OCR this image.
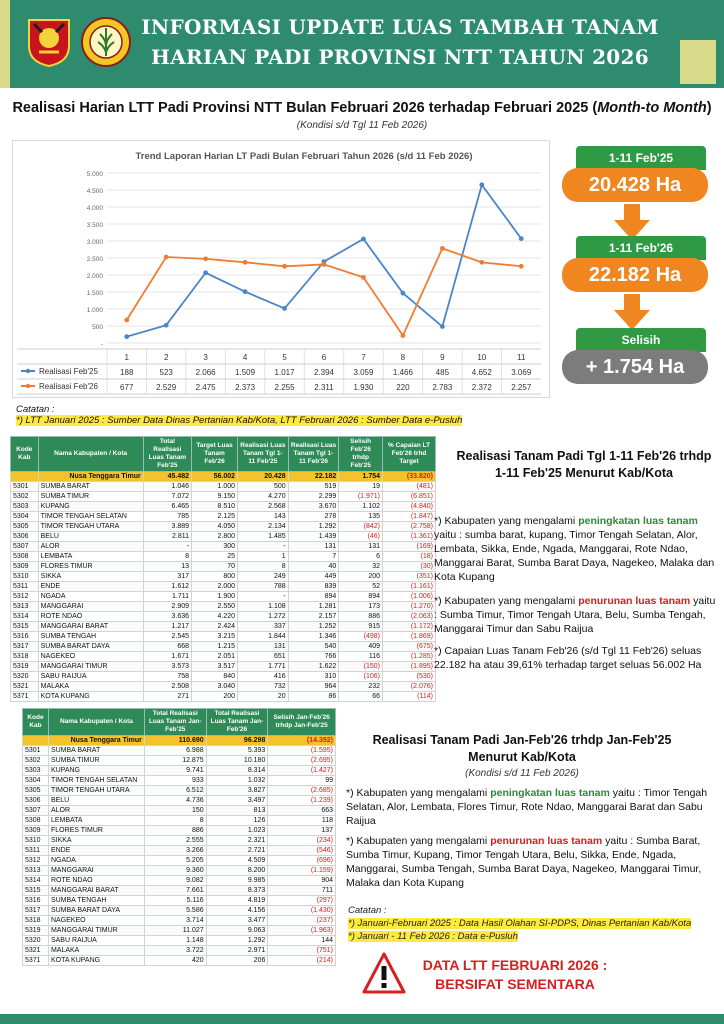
INFORMASI UPDATE LUAS TAMBAH TANAM
HARIAN PADI PROVINSI NTT TAHUN 2026
Realisasi Harian LTT Padi Provinsi NTT Bulan Februari 2026 terhadap Februari 2025 (Month-to Month)
(Kondisi s/d Tgl 11 Feb 2026)
Trend Laporan Harian LT Padi Bulan Februari Tahun 2026 (s/d 11 Feb 2026)
-
500
1.000
1.500
2.000
2.500
3.000
3.500
4.000
4.500
5.000
1	2	3	4	5	6	7	8	9	10	11
Realisasi Feb'25	188	523	2.066 1.509 1.017 2.394 3.059 1.466	485	4.652 3.069
Realisasi Feb'26	677	2.529 2.475 2.373 2.255 2.311 1.930	220	2.783 2.372 2.257
1-11 Feb'25
20.428 Ha
1-11 Feb'26
22.182 Ha
Selisih
+ 1.754 Ha
Catatan :
*) LTT Januari 2025 : Sumber Data Dinas Pertanian Kab/Kota, LTT Februari 2026 : Sumber Data e-Pusluh
Kode Kab	Nama Kabupaten / Kota	Total Realisasi Luas Tanam Feb'25	Target Luas Tanam Feb'26	Realisasi Luas Tanam Tgl 1-11 Feb'25	Realisasi Luas Tanam Tgl 1-11 Feb'26	Selisih Feb'26 trhdp Feb'25	% Capaian LT Feb'26 trhd Target
	Nusa Tenggara Timur	45.482	56.002	20.428	22.182	1.754	(33.820)
5301	SUMBA BARAT	1.046	1.000	500	519	19	(481)
5302	SUMBA TIMUR	7.072	9.150	4.270	2.299	(1.971)	(6.851)
5303	KUPANG	6.465	8.510	2.568	3.670	1.102	(4.840)
5304	TIMOR TENGAH SELATAN	785	2.125	143	278	135	(1.847)
5305	TIMOR TENGAH UTARA	3.889	4.050	2.134	1.292	(842)	(2.758)
5306	BELU	2.811	2.800	1.485	1.439	(46)	(1.361)
5307	ALOR	-	300	-	131	131	(169)
5308	LEMBATA	8	25	1	7	6	(18)
5309	FLORES TIMUR	13	70	8	40	32	(30)
5310	SIKKA	317	800	249	449	200	(351)
5311	ENDE	1.612	2.000	788	839	52	(1.161)
5312	NGADA	1.711	1.900	-	894	894	(1.006)
5313	MANGGARAI	2.909	2.550	1.108	1.281	173	(1.270)
5314	ROTE NDAO	3.636	4.220	1.272	2.157	886	(2.063)
5315	MANGGARAI BARAT	1.217	2.424	337	1.252	915	(1.172)
5316	SUMBA TENGAH	2.545	3.215	1.844	1.346	(498)	(1.869)
5317	SUMBA BARAT DAYA	668	1.215	131	540	409	(675)
5318	NAGEKEO	1.671	2.051	651	766	116	(1.285)
5319	MANGGARAI TIMUR	3.573	3.517	1.771	1.622	(150)	(1.895)
5320	SABU RAIJUA	758	840	416	310	(106)	(530)
5321	MALAKA	2.508	3.040	732	964	232	(2.076)
5371	KOTA KUPANG	271	200	20	86	66	(114)
Kode Kab	Nama Kabupaten / Kota	Total Realisasi Luas Tanam Jan-Feb'25	Total Realisasi Luas Tanam Jan-Feb'26	Selisih Jan-Feb'26 trhdp Jan-Feb'25
	Nusa Tenggara Timur	110.690	96.298	(14.392)
5301	SUMBA BARAT	6.988	5.393	(1.595)
5302	SUMBA TIMUR	12.875	10.180	(2.695)
5303	KUPANG	9.741	8.314	(1.427)
5304	TIMOR TENGAH SELATAN	933	1.032	99
5305	TIMOR TENGAH UTARA	6.512	3.827	(2.685)
5306	BELU	4.736	3.497	(1.239)
5307	ALOR	150	813	663
5308	LEMBATA	8	126	118
5309	FLORES TIMUR	886	1.023	137
5310	SIKKA	2.555	2.321	(234)
5311	ENDE	3.266	2.721	(546)
5312	NGADA	5.205	4.509	(696)
5313	MANGGARAI	9.360	8.200	(1.159)
5314	ROTE NDAO	9.082	9.985	904
5315	MANGGARAI BARAT	7.661	8.373	711
5316	SUMBA TENGAH	5.116	4.819	(297)
5317	SUMBA BARAT DAYA	5.586	4.156	(1.430)
5318	NAGEKEO	3.714	3.477	(237)
5319	MANGGARAI TIMUR	11.027	9.063	(1.963)
5320	SABU RAIJUA	1.148	1.292	144
5321	MALAKA	3.722	2.971	(751)
5371	KOTA KUPANG	420	206	(214)
Realisasi Tanam Padi Tgl 1-11 Feb'26 trhdp 1-11 Feb'25 Menurut Kab/Kota
*) Kabupaten yang mengalami peningkatan luas tanam yaitu : sumba barat, kupang, Timor Tengah Selatan, Alor, Lembata, Sikka, Ende, Ngada, Manggarai, Rote Ndao, Manggarai Barat, Sumba Barat Daya, Nagekeo, Malaka dan Kota Kupang
*) Kabupaten yang mengalami penurunan luas tanam yaitu : Sumba Timur, Timor Tengah Utara, Belu, Sumba Tengah, Manggarai Timur dan Sabu Raijua
*) Capaian Luas Tanam Feb'26 (s/d Tgl 11 Feb'26) seluas 22.182 ha atau 39,61% terhadap target seluas 56.002 Ha
Realisasi Tanam Padi Jan-Feb'26 trhdp Jan-Feb'25 Menurut Kab/Kota
(Kondisi s/d 11 Feb 2026)
*) Kabupaten yang mengalami peningkatan luas tanam yaitu : Timor Tengah Selatan, Alor, Lembata, Flores Timur, Rote Ndao, Manggarai Barat dan Sabu Raijua
*) Kabupaten yang mengalami penurunan luas tanam yaitu : Sumba Barat, Sumba Timur, Kupang, Timor Tengah Utara, Belu, Sikka, Ende, Ngada, Manggarai, Sumba Tengah, Sumba Barat Daya, Nagekeo, Manggarai Timur, Malaka dan Kota Kupang
Catatan :
*) Januari-Februari 2025 : Data Hasil Olahan SI-PDPS, Dinas Pertanian Kab/Kota
*) Januari - 11 Feb 2026 : Data e-Pusluh
DATA LTT FEBRUARI 2026 :
BERSIFAT SEMENTARA
